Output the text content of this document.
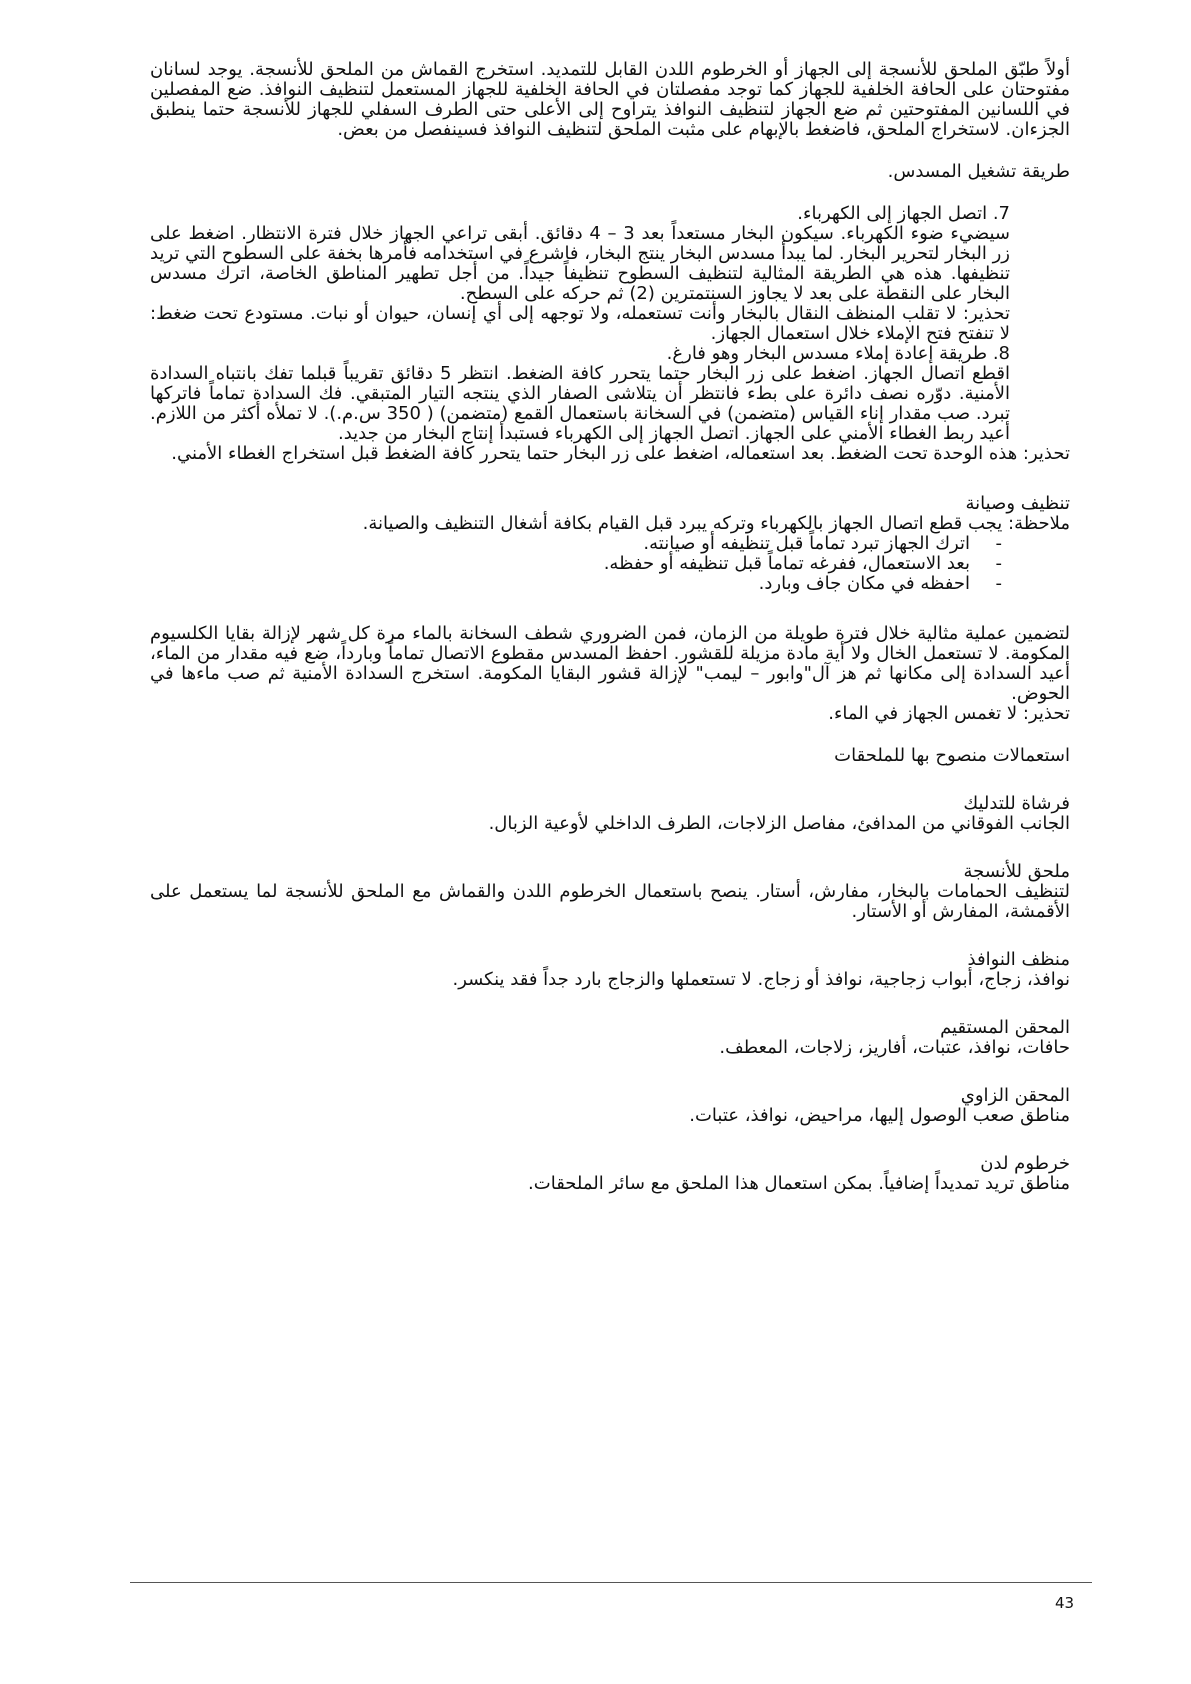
أولاً طبّق الملحق للأنسجة إلى الجهاز أو الخرطوم اللدن القابل للتمديد. استخرج القماش من الملحق للأنسجة. يوجد لسانان مفتوحتان على الحافة الخلفية للجهاز كما توجد مفصلتان في الحافة الخلفية للجهاز المستعمل لتنظيف النوافذ. ضع المفصلين في اللسانين المفتوحتين ثم ضع الجهاز لتنظيف النوافذ يتراوح إلى الأعلى حتى الطرف السفلي للجهاز للأنسجة حتما ينطبق الجزءان. لاستخراج الملحق، فاضغط بالإبهام على مثبت الملحق لتنظيف النوافذ فسينفصل من بعض.

طريقة تشغيل المسدس.

7. اتصل الجهاز إلى الكهرباء.

سيضيء ضوء الكهرباء. سيكون البخار مستعداً بعد 3 – 4 دقائق. أبقى تراعي الجهاز خلال فترة الانتظار. اضغط على زر البخار لتحرير البخار. لما يبدأ مسدس البخار ينتج البخار، فاشرع في استخدامه فأمرها بخفة على السطوح التي تريد تنظيفها. هذه هي الطريقة المثالية لتنظيف السطوح تنظيفاً جيداً. من أجل تطهير المناطق الخاصة، اترك مسدس البخار على النقطة على بعد لا يجاوز السنتمترين (2) ثم حركه على السطح.

تحذير: لا تقلب المنظف النقال بالبخار وأنت تستعمله، ولا توجهه إلى أي إنسان، حيوان أو نبات. مستودع تحت ضغط: لا تنفتح فتح الإملاء خلال استعمال الجهاز.

8. طريقة إعادة إملاء مسدس البخار وهو فارغ.

اقطع اتصال الجهاز. اضغط على زر البخار حتما يتحرر كافة الضغط. انتظر 5 دقائق تقريباً قبلما تفك بانتباه السدادة الأمنية. دوّره نصف دائرة على بطء فانتظر أن يتلاشى الصفار الذي ينتجه التيار المتبقي. فك السدادة تماماً فاتركها تبرد. صب مقدار إناء القياس (متضمن) في السخانة باستعمال القمع (متضمن) ( 350 س.م.). لا تملأه أكثر من اللازم. أعيد ربط الغطاء الأمني على الجهاز. اتصل الجهاز إلى الكهرباء فستبدأ إنتاج البخار من جديد.

تحذير: هذه الوحدة تحت الضغط. بعد استعماله، اضغط على زر البخار حتما يتحرر كافة الضغط قبل استخراج الغطاء الأمني.

تنظيف وصيانة

ملاحظة: يجب قطع اتصال الجهاز بالكهرباء وتركه يبرد قبل القيام بكافة أشغال التنظيف والصيانة.

-
اترك الجهاز تبرد تماماً قبل تنظيفه أو صيانته.
-
بعد الاستعمال، ففرغه تماماً قبل تنظيفه أو حفظه.
-
احفظه في مكان جاف وبارد.

لتضمين عملية مثالية خلال فترة طويلة من الزمان، فمن الضروري شطف السخانة بالماء مرة كل شهر لإزالة بقايا الكلسيوم المكومة. لا تستعمل الخال ولا أية مادة مزيلة للقشور. احفظ المسدس مقطوع الاتصال تماماً وبارداً، ضع فيه مقدار من الماء، أعيد السدادة إلى مكانها ثم هز آل"وابور – ليمب" لإزالة قشور البقايا المكومة. استخرج السدادة الأمنية ثم صب ماءها في الحوض.

تحذير: لا تغمس الجهاز في الماء.

استعمالات منصوح بها للملحقات

فرشاة للتدليك

الجانب الفوقاني من المدافئ، مفاصل الزلاجات، الطرف الداخلي لأوعية الزبال.

ملحق للأنسجة

لتنظيف الحمامات بالبخار، مفارش، أستار. ينصح باستعمال الخرطوم اللدن والقماش مع الملحق للأنسجة لما يستعمل على الأقمشة، المفارش أو الأستار.

منظف النوافذ

نوافذ، زجاج، أبواب زجاجية، نوافذ أو زجاج. لا تستعملها والزجاج بارد جداً فقد ينكسر.

المحقن المستقيم

حافات، نوافذ، عتبات، أفاريز، زلاجات، المعطف.

المحقن الزاوي

مناطق صعب الوصول إليها، مراحيض، نوافذ، عتبات.

خرطوم لدن

مناطق تريد تمديداً إضافياً. بمكن استعمال هذا الملحق مع سائر الملحقات.

43
